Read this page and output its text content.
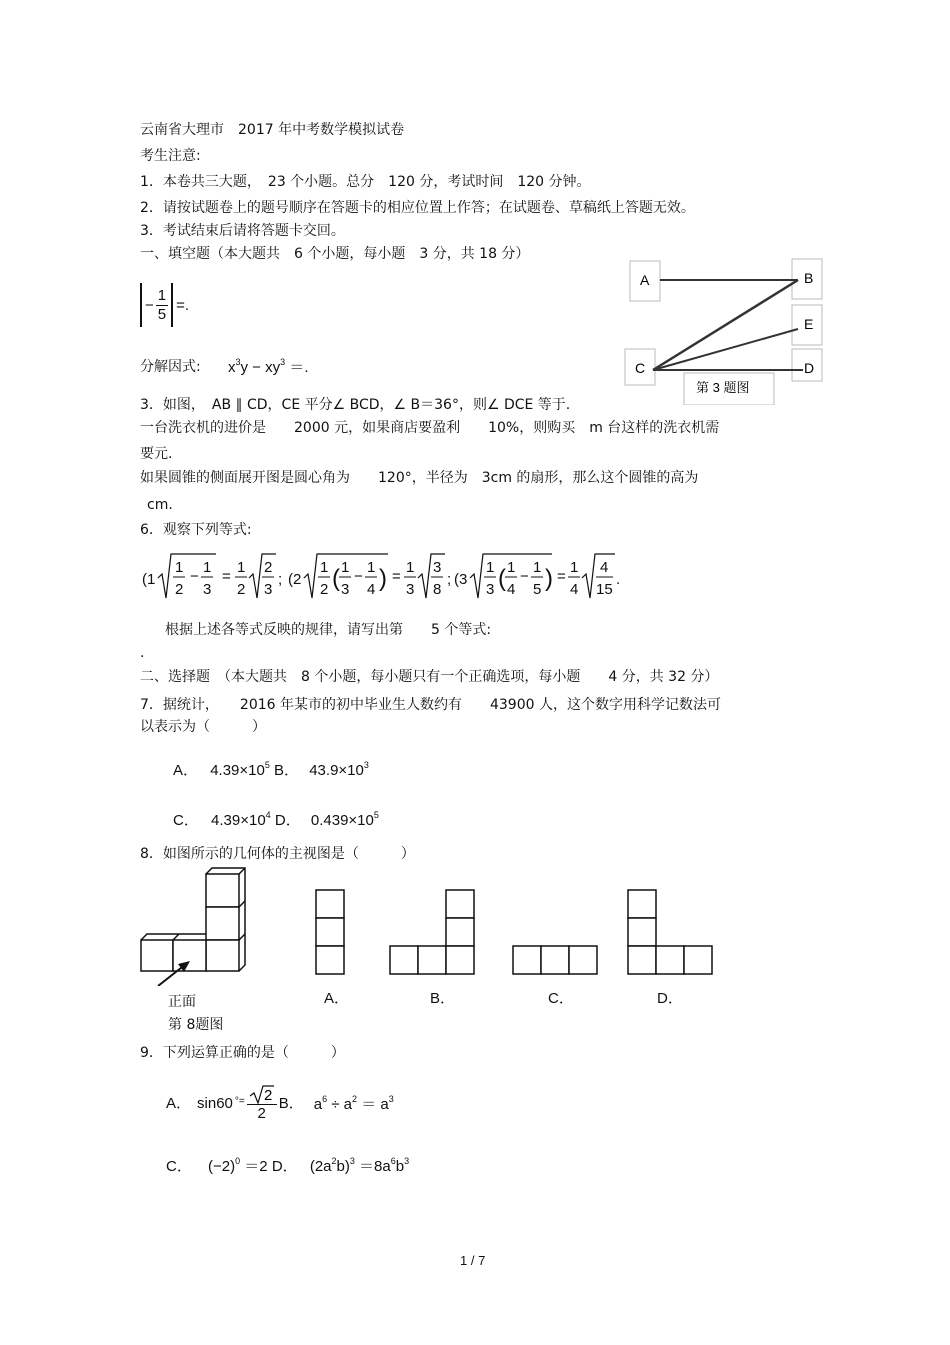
云南省大理市　2017 年中考数学模拟试卷
考生注意:
1．本卷共三大题，　23 个小题。总分　120 分，考试时间　120 分钟。
2．请按试题卷上的题号顺序在答题卡的相应位置上作答；在试题卷、草稿纸上答题无效。
3．考试结束后请将答题卡交回。
一、填空题（本大题共　6 个小题，每小题　3 分，共 18 分）
− $\frac{1}{5}$ =.
分解因式: $x^3y - xy^3$ ＝.
A	B
C	D
E
第 3 题图
3．如图，　AB ∥ CD，CE 平分∠ BCD，∠ B＝36°，则∠ DCE 等于.
一台洗衣机的进价是　　2000 元，如果商店要盈利　　10%，则购买　m 台这样的洗衣机需
要元.
如果圆锥的侧面展开图是圆心角为　　120°，半径为　3cm 的扇形，那么这个圆锥的高为
cm.
6．观察下列等式:
(1
1
2
−
1
3
=
1
2
2
3
; (2
1
2 ( 1
3
−
1
4 ) =
1
3
3
8
; (3
1
3 ( 1
4
−
1
5 ) =
1
4
4
15
.
根据上述各等式反映的规律，请写出第　　5 个等式:
.
二、选择题　（本大题共　8 个小题，每小题只有一个正确选项，每小题　　4 分，共 32 分）
7．据统计，　　2016 年某市的初中毕业生人数约有　　43900 人，这个数字用科学记数法可
以表示为（　　　）
A． $4.39\times 10^5$ B． $43.9\times 10^3$
C． $4.39\times 10^4$ D． $0.439\times 10^5$
8．如图所示的几何体的主视图是（　　　）
正面
第 8题图
A．	B．	C．	D．
9．下列运算正确的是（　　　）
A． sin60 °= $\frac{2}{2}$ B． $a^6 \div a^2 = a^3$
C． $(-2)^0 =2$ D． $(2a^2b)^3 =8a^6b^3$
1 / 7
